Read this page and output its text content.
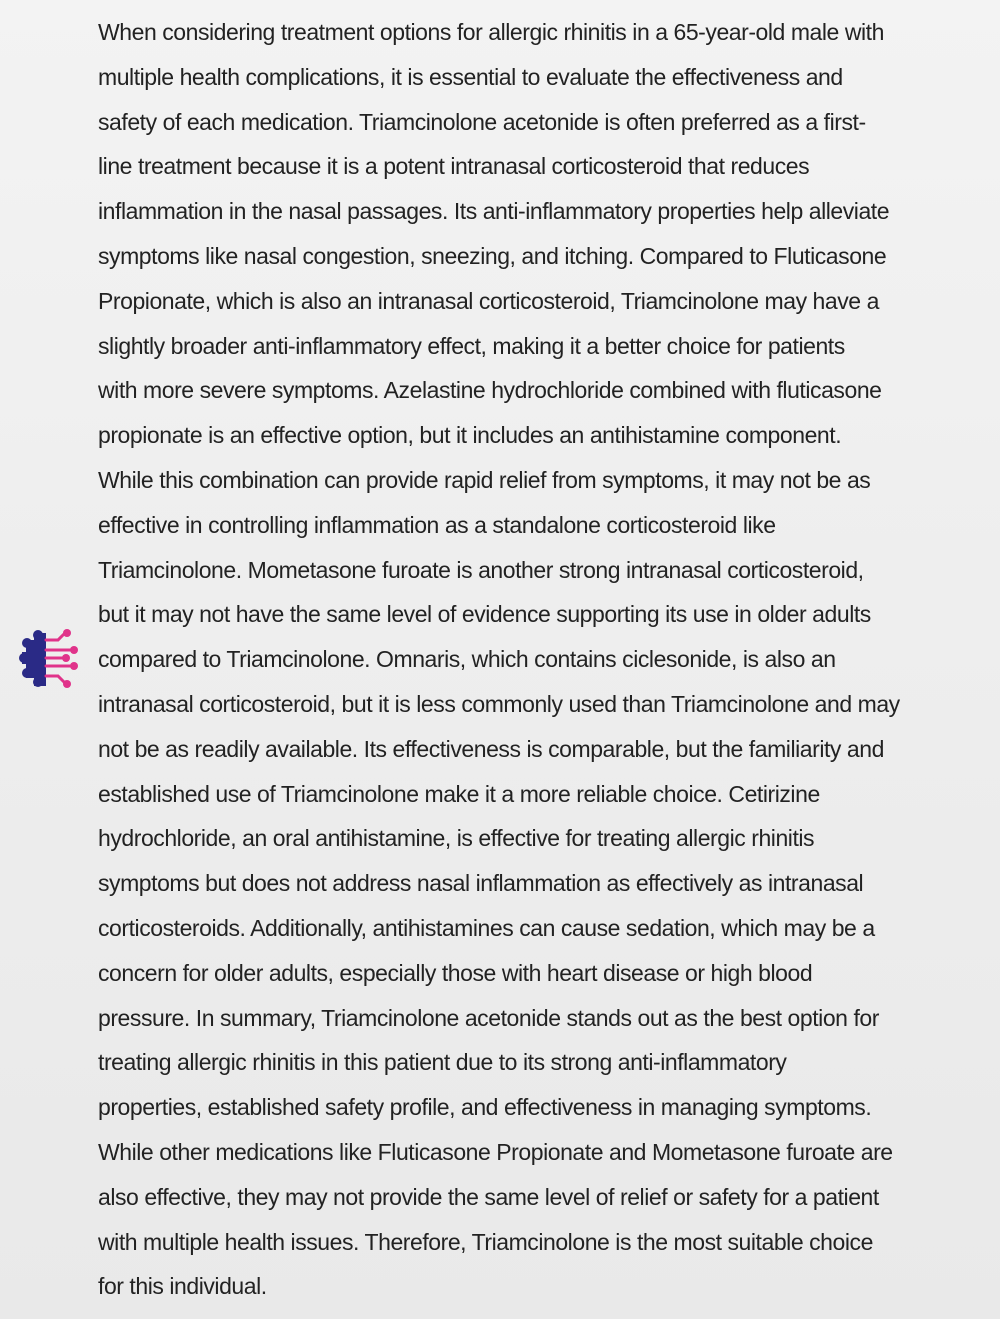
When considering treatment options for allergic rhinitis in a 65-year-old male with
multiple health complications, it is essential to evaluate the effectiveness and
safety of each medication. Triamcinolone acetonide is often preferred as a first-
line treatment because it is a potent intranasal corticosteroid that reduces
inflammation in the nasal passages. Its anti-inflammatory properties help alleviate
symptoms like nasal congestion, sneezing, and itching. Compared to Fluticasone
Propionate, which is also an intranasal corticosteroid, Triamcinolone may have a
slightly broader anti-inflammatory effect, making it a better choice for patients
with more severe symptoms. Azelastine hydrochloride combined with fluticasone
propionate is an effective option, but it includes an antihistamine component.
While this combination can provide rapid relief from symptoms, it may not be as
effective in controlling inflammation as a standalone corticosteroid like
Triamcinolone. Mometasone furoate is another strong intranasal corticosteroid,
but it may not have the same level of evidence supporting its use in older adults
compared to Triamcinolone. Omnaris, which contains ciclesonide, is also an
intranasal corticosteroid, but it is less commonly used than Triamcinolone and may
not be as readily available. Its effectiveness is comparable, but the familiarity and
established use of Triamcinolone make it a more reliable choice. Cetirizine
hydrochloride, an oral antihistamine, is effective for treating allergic rhinitis
symptoms but does not address nasal inflammation as effectively as intranasal
corticosteroids. Additionally, antihistamines can cause sedation, which may be a
concern for older adults, especially those with heart disease or high blood
pressure. In summary, Triamcinolone acetonide stands out as the best option for
treating allergic rhinitis in this patient due to its strong anti-inflammatory
properties, established safety profile, and effectiveness in managing symptoms.
While other medications like Fluticasone Propionate and Mometasone furoate are
also effective, they may not provide the same level of relief or safety for a patient
with multiple health issues. Therefore, Triamcinolone is the most suitable choice
for this individual.
